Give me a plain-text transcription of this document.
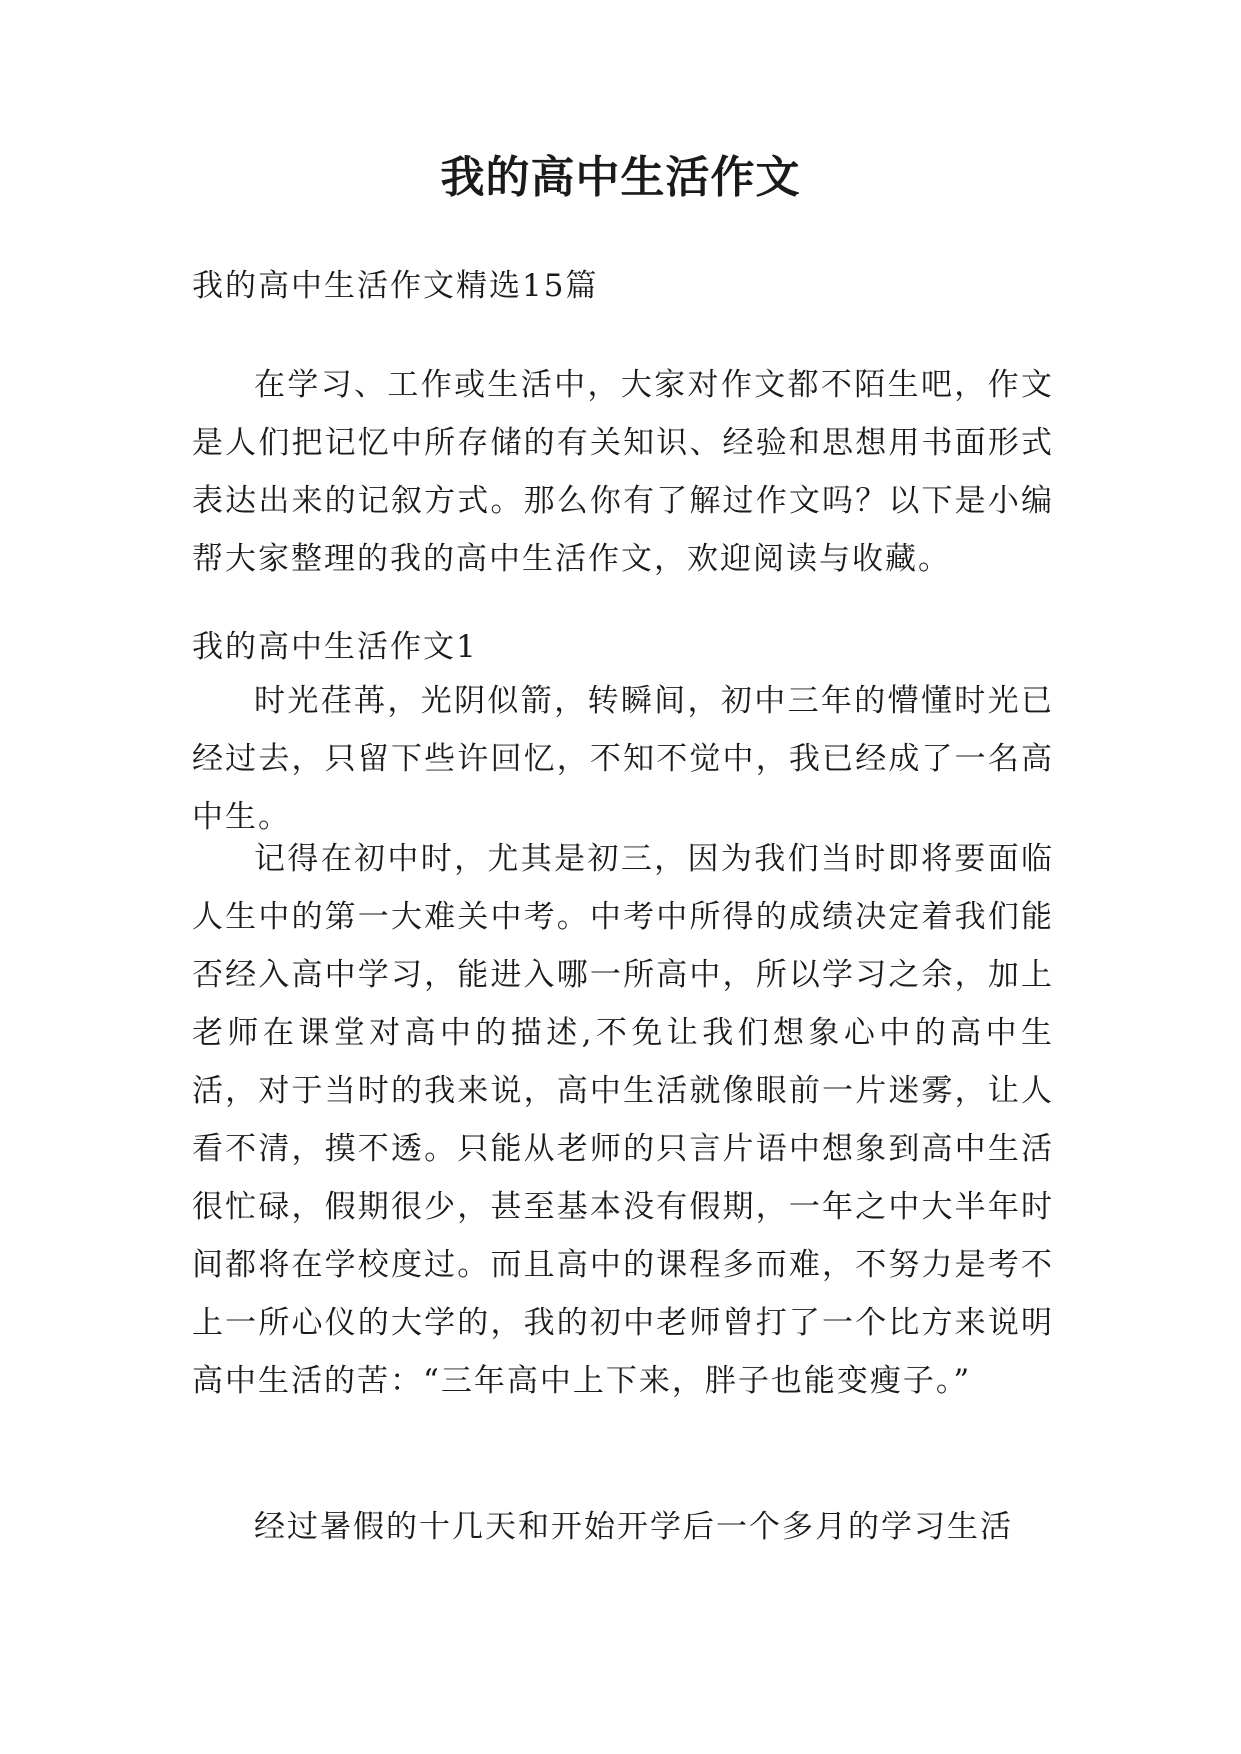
我的高中生活作文

我的高中生活作文精选15篇

在学习、工作或生活中，大家对作文都不陌生吧，作文是人们把记忆中所存储的有关知识、经验和思想用书面形式表达出来的记叙方式。那么你有了解过作文吗？以下是小编帮大家整理的我的高中生活作文，欢迎阅读与收藏。

我的高中生活作文1

时光荏苒，光阴似箭，转瞬间，初中三年的懵懂时光已经过去，只留下些许回忆，不知不觉中，我已经成了一名高中生。

记得在初中时，尤其是初三，因为我们当时即将要面临人生中的第一大难关中考。中考中所得的成绩决定着我们能否经入高中学习，能进入哪一所高中，所以学习之余，加上老师在课堂对高中的描述,不免让我们想象心中的高中生活，对于当时的我来说，高中生活就像眼前一片迷雾，让人看不清，摸不透。只能从老师的只言片语中想象到高中生活很忙碌，假期很少，甚至基本没有假期，一年之中大半年时间都将在学校度过。而且高中的课程多而难，不努力是考不上一所心仪的大学的，我的初中老师曾打了一个比方来说明高中生活的苦：“三年高中上下来，胖子也能变瘦子。”

经过暑假的十几天和开始开学后一个多月的学习生活
